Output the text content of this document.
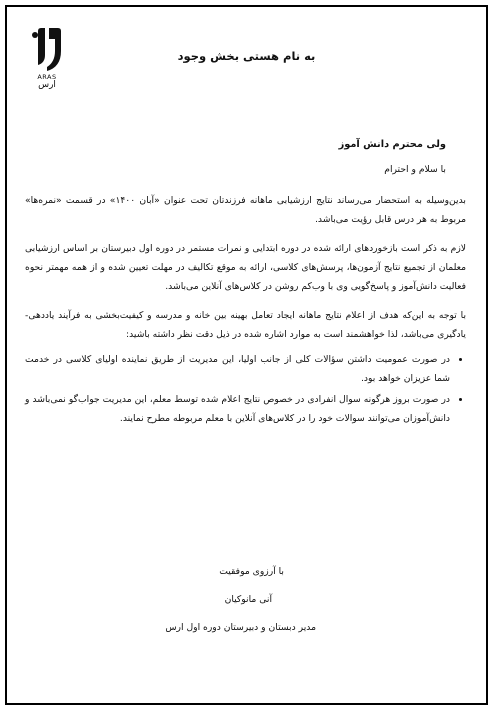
ARAS
ارس
به نام هستی بخش وجود

ولی محترم دانش آموز

با سلام و احترام

بدین‌وسیله به استحضار می‌رساند نتایج ارزشیابی ماهانه فرزندتان تحت عنوان «آبان ۱۴۰۰» در قسمت «نمره‌ها» مربوط به هر درس قابل رؤیت می‌باشد.

لازم به ذکر است بازخوردهای ارائه شده در دوره ابتدایی و نمرات مستمر در دوره اول دبیرستان بر اساس ارزشیابی معلمان از تجمیع نتایج آزمون‌ها، پرسش‌های کلاسی، ارائه به موقع تکالیف در مهلت تعیین شده و از همه مهمتر نحوه فعالیت دانش‌آموز و پاسخ‌گویی وی با وب‌کم روشن در کلاس‌های آنلاین می‌باشد.

با توجه به این‌که هدف از اعلام نتایج ماهانه ایجاد تعامل بهینه بین خانه و مدرسه و کیفیت‌بخشی به فرآیند یاددهی- یادگیری می‌باشد، لذا خواهشمند است به موارد اشاره شده در ذیل دقت نظر داشته باشید:

• در صورت عمومیت داشتن سؤالات کلی از جانب اولیا، این مدیریت از طریق نماینده اولیای کلاسی در خدمت شما عزیزان خواهد بود.
• در صورت بروز هرگونه سوال انفرادی در خصوص نتایج اعلام شده توسط معلم، این مدیریت جواب‌گو نمی‌باشد و دانش‌آموزان می‌توانند سوالات خود را در کلاس‌های آنلاین با معلم مربوطه مطرح نمایند.
با آرزوی موفقیت
آنی مانوکیان
مدیر دبستان و دبیرستان دوره اول ارس
